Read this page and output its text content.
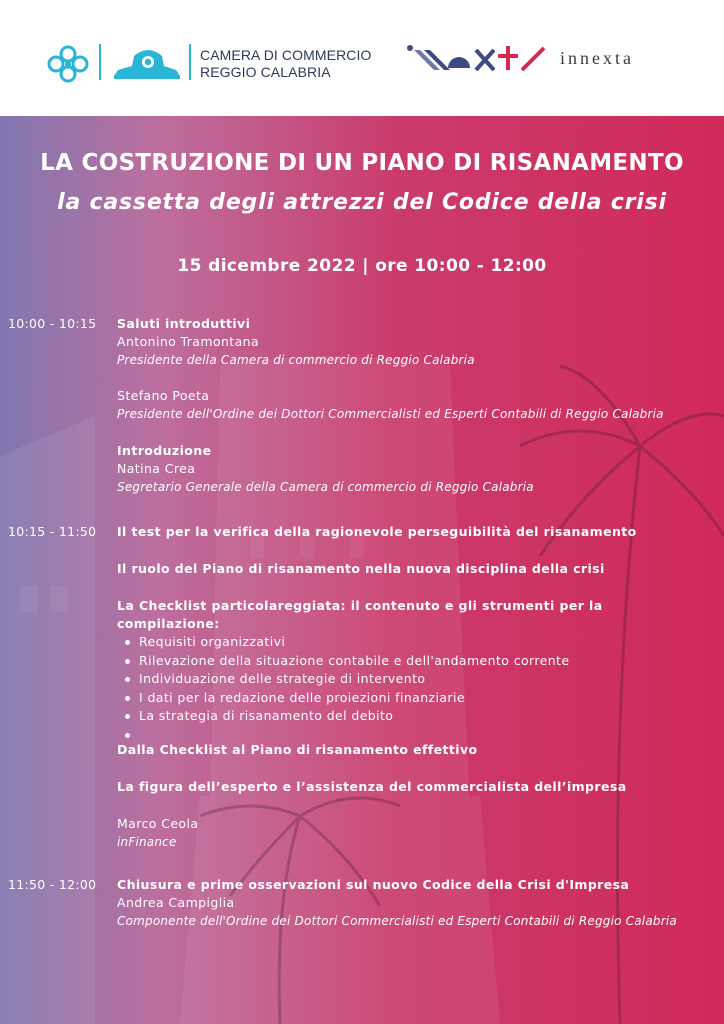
CAMERA DI COMMERCIO
REGGIO CALABRIA
innexta
LA COSTRUZIONE DI UN PIANO DI RISANAMENTO
la cassetta degli attrezzi del Codice della crisi
15 dicembre 2022 | ore 10:00 - 12:00
10:00 - 10:15 Saluti introduttivi
Antonino Tramontana
Presidente della Camera di commercio di Reggio Calabria
Stefano Poeta
Presidente dell'Ordine dei Dottori Commercialisti ed Esperti Contabili di Reggio Calabria
Introduzione
Natina Crea
Segretario Generale della Camera di commercio di Reggio Calabria
10:15 - 11:50 Il test per la verifica della ragionevole perseguibilità del risanamento
Il ruolo del Piano di risanamento nella nuova disciplina della crisi
La Checklist particolareggiata: il contenuto e gli strumenti per la
compilazione:
Requisiti organizzativi
Rilevazione della situazione contabile e dell'andamento corrente
Individuazione delle strategie di intervento
I dati per la redazione delle proiezioni finanziarie
La strategia di risanamento del debito
Dalla Checklist al Piano di risanamento effettivo
La figura dell’esperto e l’assistenza del commercialista dell’impresa
Marco Ceola
inFinance
11:50 - 12:00 Chiusura e prime osservazioni sul nuovo Codice della Crisi d'Impresa
Andrea Campiglia
Componente dell'Ordine dei Dottori Commercialisti ed Esperti Contabili di Reggio Calabria
